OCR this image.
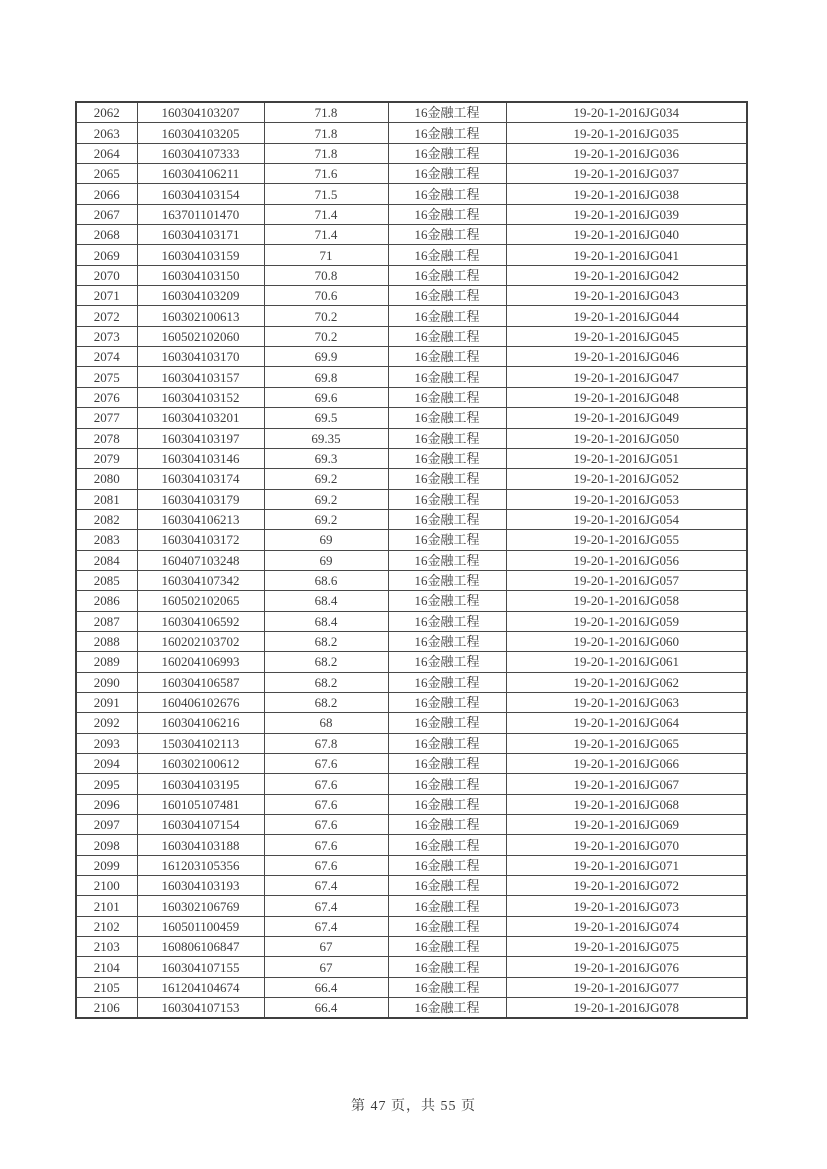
2062	160304103207	71.8	16金融工程	19-20-1-2016JG034
2063	160304103205	71.8	16金融工程	19-20-1-2016JG035
2064	160304107333	71.8	16金融工程	19-20-1-2016JG036
2065	160304106211	71.6	16金融工程	19-20-1-2016JG037
2066	160304103154	71.5	16金融工程	19-20-1-2016JG038
2067	163701101470	71.4	16金融工程	19-20-1-2016JG039
2068	160304103171	71.4	16金融工程	19-20-1-2016JG040
2069	160304103159	71	16金融工程	19-20-1-2016JG041
2070	160304103150	70.8	16金融工程	19-20-1-2016JG042
2071	160304103209	70.6	16金融工程	19-20-1-2016JG043
2072	160302100613	70.2	16金融工程	19-20-1-2016JG044
2073	160502102060	70.2	16金融工程	19-20-1-2016JG045
2074	160304103170	69.9	16金融工程	19-20-1-2016JG046
2075	160304103157	69.8	16金融工程	19-20-1-2016JG047
2076	160304103152	69.6	16金融工程	19-20-1-2016JG048
2077	160304103201	69.5	16金融工程	19-20-1-2016JG049
2078	160304103197	69.35	16金融工程	19-20-1-2016JG050
2079	160304103146	69.3	16金融工程	19-20-1-2016JG051
2080	160304103174	69.2	16金融工程	19-20-1-2016JG052
2081	160304103179	69.2	16金融工程	19-20-1-2016JG053
2082	160304106213	69.2	16金融工程	19-20-1-2016JG054
2083	160304103172	69	16金融工程	19-20-1-2016JG055
2084	160407103248	69	16金融工程	19-20-1-2016JG056
2085	160304107342	68.6	16金融工程	19-20-1-2016JG057
2086	160502102065	68.4	16金融工程	19-20-1-2016JG058
2087	160304106592	68.4	16金融工程	19-20-1-2016JG059
2088	160202103702	68.2	16金融工程	19-20-1-2016JG060
2089	160204106993	68.2	16金融工程	19-20-1-2016JG061
2090	160304106587	68.2	16金融工程	19-20-1-2016JG062
2091	160406102676	68.2	16金融工程	19-20-1-2016JG063
2092	160304106216	68	16金融工程	19-20-1-2016JG064
2093	150304102113	67.8	16金融工程	19-20-1-2016JG065
2094	160302100612	67.6	16金融工程	19-20-1-2016JG066
2095	160304103195	67.6	16金融工程	19-20-1-2016JG067
2096	160105107481	67.6	16金融工程	19-20-1-2016JG068
2097	160304107154	67.6	16金融工程	19-20-1-2016JG069
2098	160304103188	67.6	16金融工程	19-20-1-2016JG070
2099	161203105356	67.6	16金融工程	19-20-1-2016JG071
2100	160304103193	67.4	16金融工程	19-20-1-2016JG072
2101	160302106769	67.4	16金融工程	19-20-1-2016JG073
2102	160501100459	67.4	16金融工程	19-20-1-2016JG074
2103	160806106847	67	16金融工程	19-20-1-2016JG075
2104	160304107155	67	16金融工程	19-20-1-2016JG076
2105	161204104674	66.4	16金融工程	19-20-1-2016JG077
2106	160304107153	66.4	16金融工程	19-20-1-2016JG078
第 47 页，共 55 页
